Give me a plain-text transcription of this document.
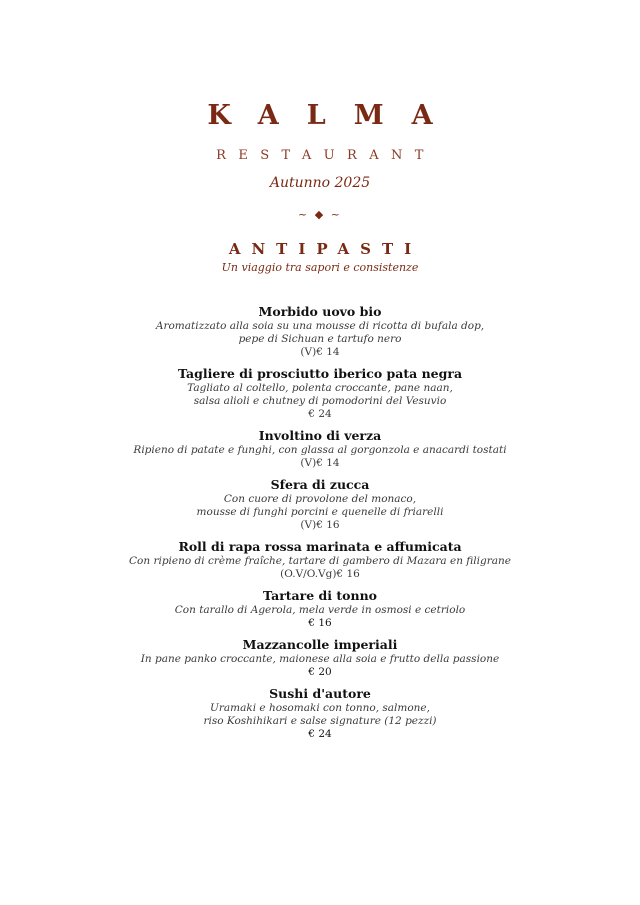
KALMA
RESTAURANT
Autunno 2025
~ ◆ ~
ANTIPASTI
Un viaggio tra sapori e consistenze
Morbido uovo bio
Aromatizzato alla soia su una mousse di ricotta di bufala dop,
pepe di Sichuan e tartufo nero
(V)€ 14
Tagliere di prosciutto iberico pata negra
Tagliato al coltello, polenta croccante, pane naan,
salsa alioli e chutney di pomodorini del Vesuvio
€ 24
Involtino di verza
Ripieno di patate e funghi, con glassa al gorgonzola e anacardi tostati
(V)€ 14
Sfera di zucca
Con cuore di provolone del monaco,
mousse di funghi porcini e quenelle di friarelli
(V)€ 16
Roll di rapa rossa marinata e affumicata
Con ripieno di crème fraîche, tartare di gambero di Mazara en filigrane
(O.V/O.Vg)€ 16
Tartare di tonno
Con tarallo di Agerola, mela verde in osmosi e cetriolo
€ 16
Mazzancolle imperiali
In pane panko croccante, maionese alla soia e frutto della passione
€ 20
Sushi d'autore
Uramaki e hosomaki con tonno, salmone,
riso Koshihikari e salse signature (12 pezzi)
€ 24
